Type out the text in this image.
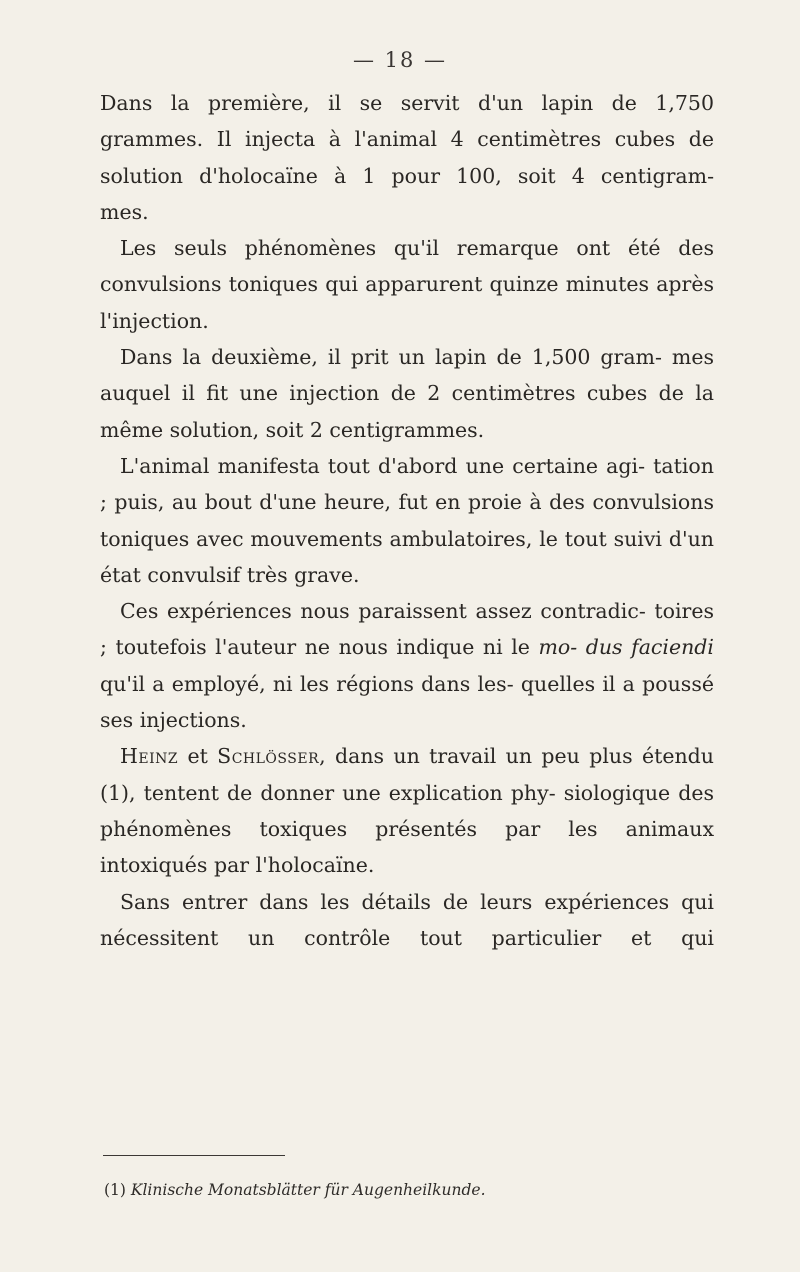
— 18 —

Dans la première, il se servit d'un lapin de 1,750 grammes. Il injecta à l'animal 4 centimètres cubes de solution d'holocaïne à 1 pour 100, soit 4 centigram-
mes.

Les seuls phénomènes qu'il remarque ont été des convulsions toniques qui apparurent quinze minutes après l'injection.

Dans la deuxième, il prit un lapin de 1,500 gram- mes auquel il fit une injection de 2 centimètres cubes de la même solution, soit 2 centigrammes.

L'animal manifesta tout d'abord une certaine agi- tation ; puis, au bout d'une heure, fut en proie à des convulsions toniques avec mouvements ambulatoires, le tout suivi d'un état convulsif très grave.

Ces expériences nous paraissent assez contradic- toires ; toutefois l'auteur ne nous indique ni le mo- dus faciendi qu'il a employé, ni les régions dans les- quelles il a poussé ses injections.

Heinz et Schlösser, dans un travail un peu plus étendu (1), tentent de donner une explication phy- siologique des phénomènes toxiques présentés par les animaux intoxiqués par l'holocaïne.

Sans entrer dans les détails de leurs expériences qui nécessitent un contrôle tout particulier et qui

(1) Klinische Monatsblätter für Augenheilkunde.
